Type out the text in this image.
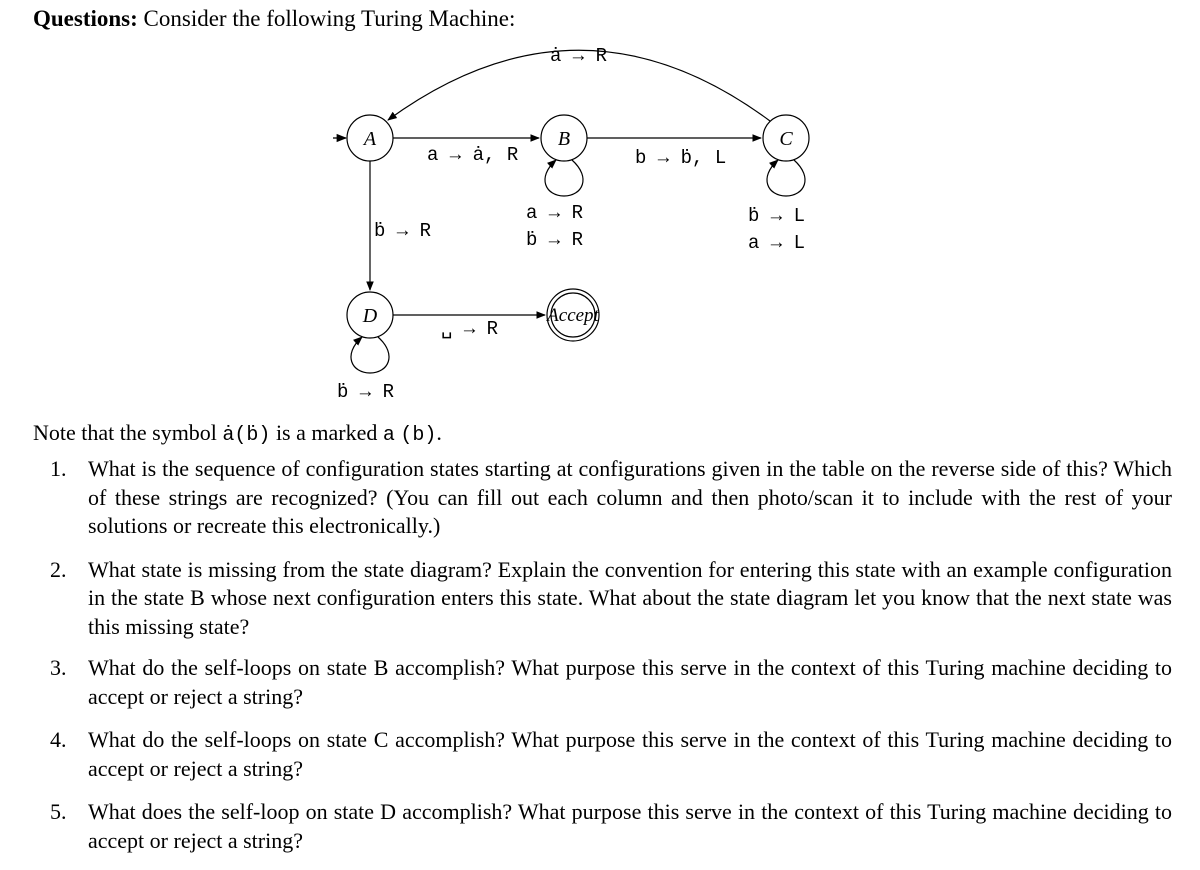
Questions: Consider the following Turing Machine:
A	B	C
D	Accept
ȧ → R
a → ȧ, R	b → ḃ, L
a → R
ḃ → R
ḃ → L
a → L
ḃ → R
␣ → R
ḃ → R
Note that the symbol ȧ(ḃ) is a marked a (b).
1. What is the sequence of configuration states starting at configurations given in the table on the reverse side of this? Which of these strings are recognized? (You can fill out each column and then photo/scan it to include with the rest of your solutions or recreate this electronically.)
2. What state is missing from the state diagram? Explain the convention for entering this state with an example configuration in the state B whose next configuration enters this state. What about the state diagram let you know that the next state was this missing state?
3. What do the self-loops on state B accomplish? What purpose this serve in the context of this Turing machine deciding to accept or reject a string?
4. What do the self-loops on state C accomplish? What purpose this serve in the context of this Turing machine deciding to accept or reject a string?
5. What does the self-loop on state D accomplish? What purpose this serve in the context of this Turing machine deciding to accept or reject a string?
